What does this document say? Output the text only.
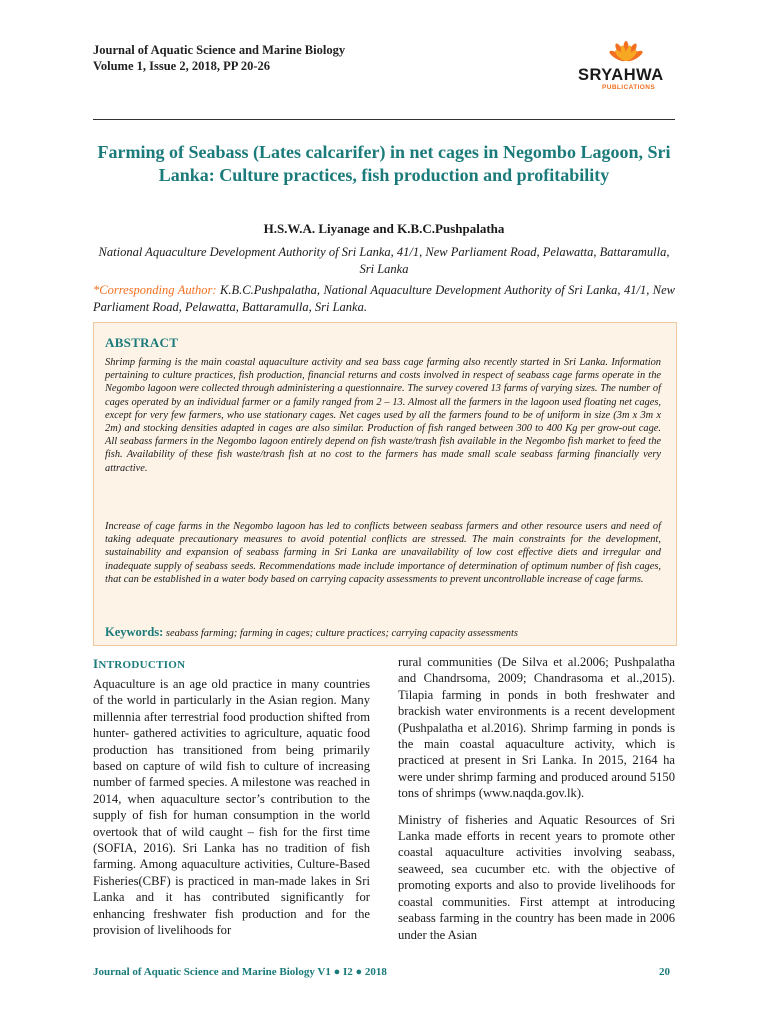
Journal of Aquatic Science and Marine Biology
Volume 1, Issue 2, 2018, PP 20-26	SRYAHWA
PUBLICATIONS
Farming of Seabass (Lates calcarifer) in net cages in Negombo Lagoon, Sri Lanka: Culture practices, fish production and profitability
H.S.W.A. Liyanage and K.B.C.Pushpalatha
National Aquaculture Development Authority of Sri Lanka, 41/1, New Parliament Road, Pelawatta, Battaramulla, Sri Lanka
*Corresponding Author: K.B.C.Pushpalatha, National Aquaculture Development Authority of Sri Lanka, 41/1, New Parliament Road, Pelawatta, Battaramulla, Sri Lanka.
ABSTRACT
Shrimp farming is the main coastal aquaculture activity and sea bass cage farming also recently started in Sri Lanka. Information pertaining to culture practices, fish production, financial returns and costs involved in respect of seabass cage farms operate in the Negombo lagoon were collected through administering a questionnaire. The survey covered 13 farms of varying sizes. The number of cages operated by an individual farmer or a family ranged from 2 – 13. Almost all the farmers in the lagoon used floating net cages, except for very few farmers, who use stationary cages. Net cages used by all the farmers found to be of uniform in size (3m x 3m x 2m) and stocking densities adapted in cages are also similar. Production of fish ranged between 300 to 400 Kg per grow-out cage. All seabass farmers in the Negombo lagoon entirely depend on fish waste/trash fish available in the Negombo fish market to feed the fish. Availability of these fish waste/trash fish at no cost to the farmers has made small scale seabass farming financially very attractive.
Increase of cage farms in the Negombo lagoon has led to conflicts between seabass farmers and other resource users and need of taking adequate precautionary measures to avoid potential conflicts are stressed. The main constraints for the development, sustainability and expansion of seabass farming in Sri Lanka are unavailability of low cost effective diets and irregular and inadequate supply of seabass seeds. Recommendations made include importance of determination of optimum number of fish cages, that can be established in a water body based on carrying capacity assessments to prevent uncontrollable increase of cage farms.
Keywords: seabass farming; farming in cages; culture practices; carrying capacity assessments
INTRODUCTION
Aquaculture is an age old practice in many countries of the world in particularly in the Asian region. Many millennia after terrestrial food production shifted from hunter- gathered activities to agriculture, aquatic food production has transitioned from being primarily based on capture of wild fish to culture of increasing number of farmed species. A milestone was reached in 2014, when aquaculture sector’s contribution to the supply of fish for human consumption in the world overtook that of wild caught – fish for the first time (SOFIA, 2016). Sri Lanka has no tradition of fish farming. Among aquaculture activities, Culture-Based Fisheries(CBF) is practiced in man-made lakes in Sri Lanka and it has contributed significantly for enhancing freshwater fish production and for the provision of livelihoods for
rural communities (De Silva et al.2006; Pushpalatha and Chandrsoma, 2009; Chandrasoma et al.,2015). Tilapia farming in ponds in both freshwater and brackish water environments is a recent development (Pushpalatha et al.2016). Shrimp farming in ponds is the main coastal aquaculture activity, which is practiced at present in Sri Lanka. In 2015, 2164 ha were under shrimp farming and produced around 5150 tons of shrimps (www.naqda.gov.lk).
Ministry of fisheries and Aquatic Resources of Sri Lanka made efforts in recent years to promote other coastal aquaculture activities involving seabass, seaweed, sea cucumber etc. with the objective of promoting exports and also to provide livelihoods for coastal communities. First attempt at introducing seabass farming in the country has been made in 2006 under the Asian
Journal of Aquatic Science and Marine Biology V1 ● I2 ● 2018	20
